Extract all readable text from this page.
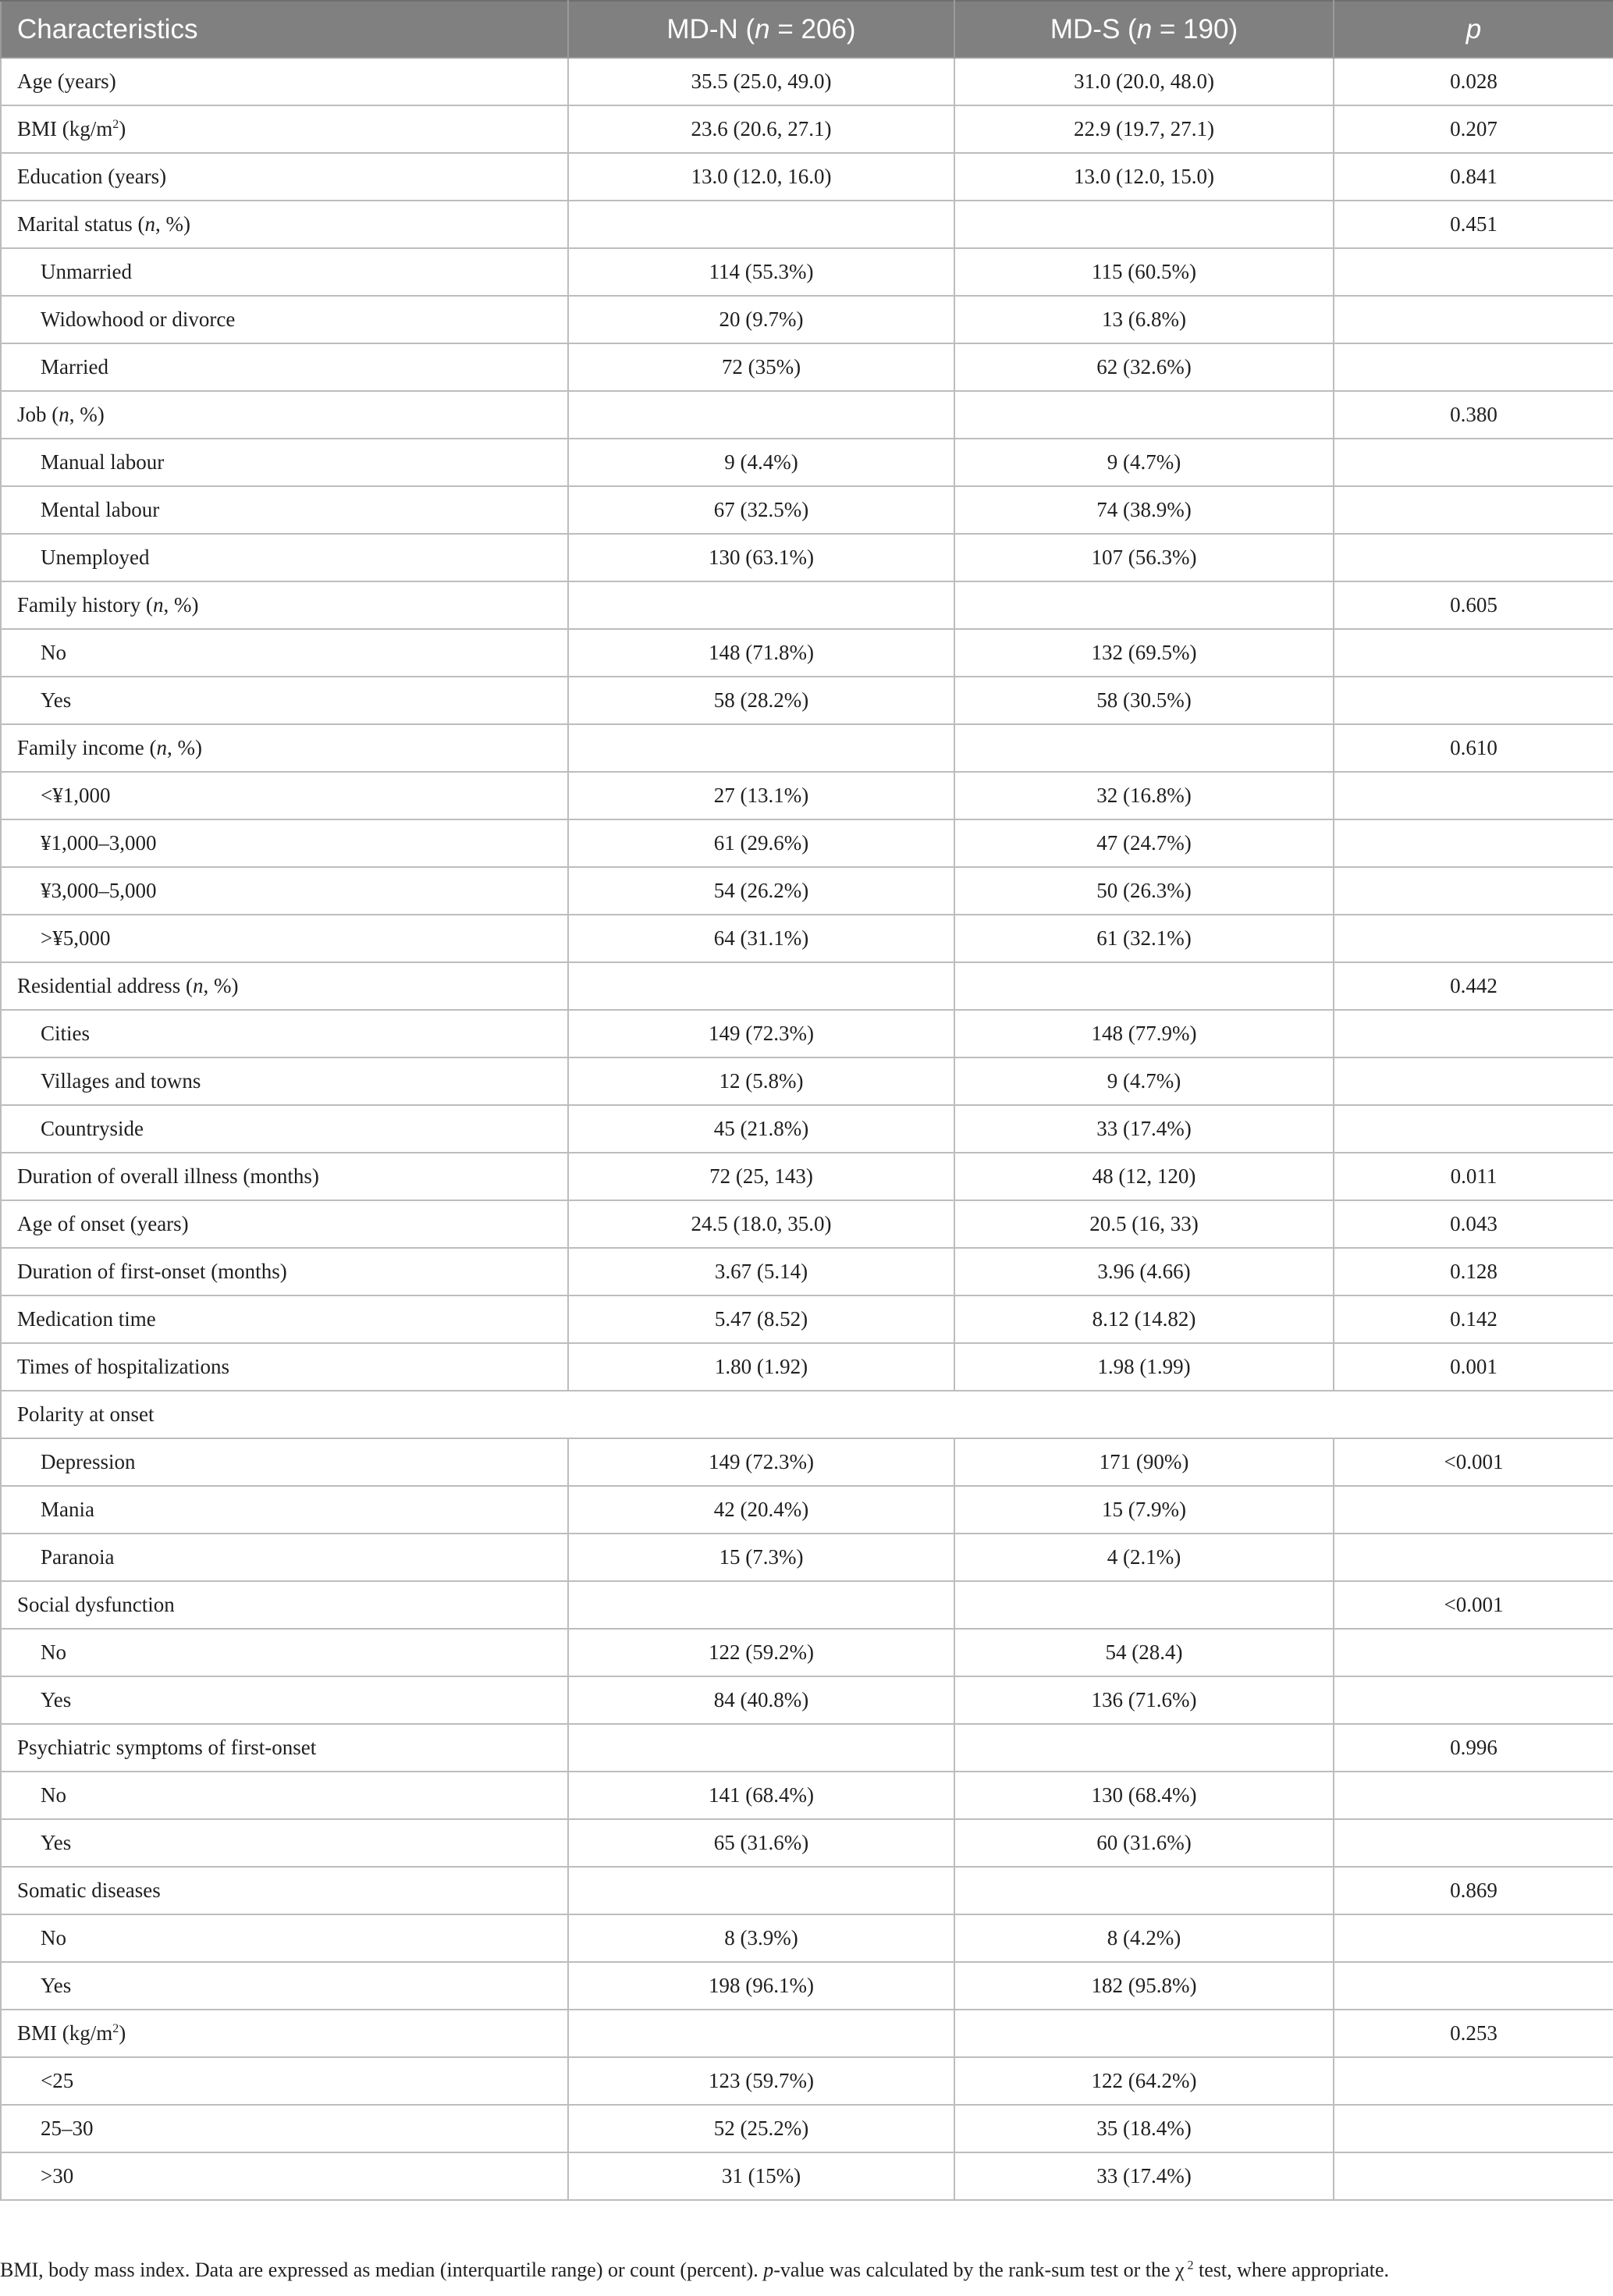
Characteristics	MD-N (n = 206)	MD-S (n = 190)	p
Age (years)	35.5 (25.0, 49.0)	31.0 (20.0, 48.0)	0.028
BMI $(kg/m^2)$	23.6 (20.6, 27.1)	22.9 (19.7, 27.1)	0.207
Education (years)	13.0 (12.0, 16.0)	13.0 (12.0, 15.0)	0.841
Marital status (n, %)			0.451
Unmarried	114 (55.3%)	115 (60.5%)	
Widowhood or divorce	20 (9.7%)	13 (6.8%)	
Married	72 (35%)	62 (32.6%)	
Job (n, %)			0.380
Manual labour	9 (4.4%)	9 (4.7%)	
Mental labour	67 (32.5%)	74 (38.9%)	
Unemployed	130 (63.1%)	107 (56.3%)	
Family history (n, %)			0.605
No	148 (71.8%)	132 (69.5%)	
Yes	58 (28.2%)	58 (30.5%)	
Family income (n, %)			0.610
<¥1,000	27 (13.1%)	32 (16.8%)	
¥1,000–3,000	61 (29.6%)	47 (24.7%)	
¥3,000–5,000	54 (26.2%)	50 (26.3%)	
>¥5,000	64 (31.1%)	61 (32.1%)	
Residential address (n, %)			0.442
Cities	149 (72.3%)	148 (77.9%)	
Villages and towns	12 (5.8%)	9 (4.7%)	
Countryside	45 (21.8%)	33 (17.4%)	
Duration of overall illness (months)	72 (25, 143)	48 (12, 120)	0.011
Age of onset (years)	24.5 (18.0, 35.0)	20.5 (16, 33)	0.043
Duration of first-onset (months)	3.67 (5.14)	3.96 (4.66)	0.128
Medication time	5.47 (8.52)	8.12 (14.82)	0.142
Times of hospitalizations	1.80 (1.92)	1.98 (1.99)	0.001
Polarity at onset			
Depression	149 (72.3%)	171 (90%)	<0.001
Mania	42 (20.4%)	15 (7.9%)	
Paranoia	15 (7.3%)	4 (2.1%)	
Social dysfunction			<0.001
No	122 (59.2%)	54 (28.4)	
Yes	84 (40.8%)	136 (71.6%)	
Psychiatric symptoms of first-onset			0.996
No	141 (68.4%)	130 (68.4%)	
Yes	65 (31.6%)	60 (31.6%)	
Somatic diseases			0.869
No	8 (3.9%)	8 (4.2%)	
Yes	198 (96.1%)	182 (95.8%)	
BMI $(kg/m^2)$			0.253
<25	123 (59.7%)	122 (64.2%)	
25–30	52 (25.2%)	35 (18.4%)	
>30	31 (15%)	33 (17.4%)	
BMI, body mass index. Data are expressed as median (interquartile range) or count (percent). p-value was calculated by the rank-sum test or the χ $^2$ test, where appropriate.
